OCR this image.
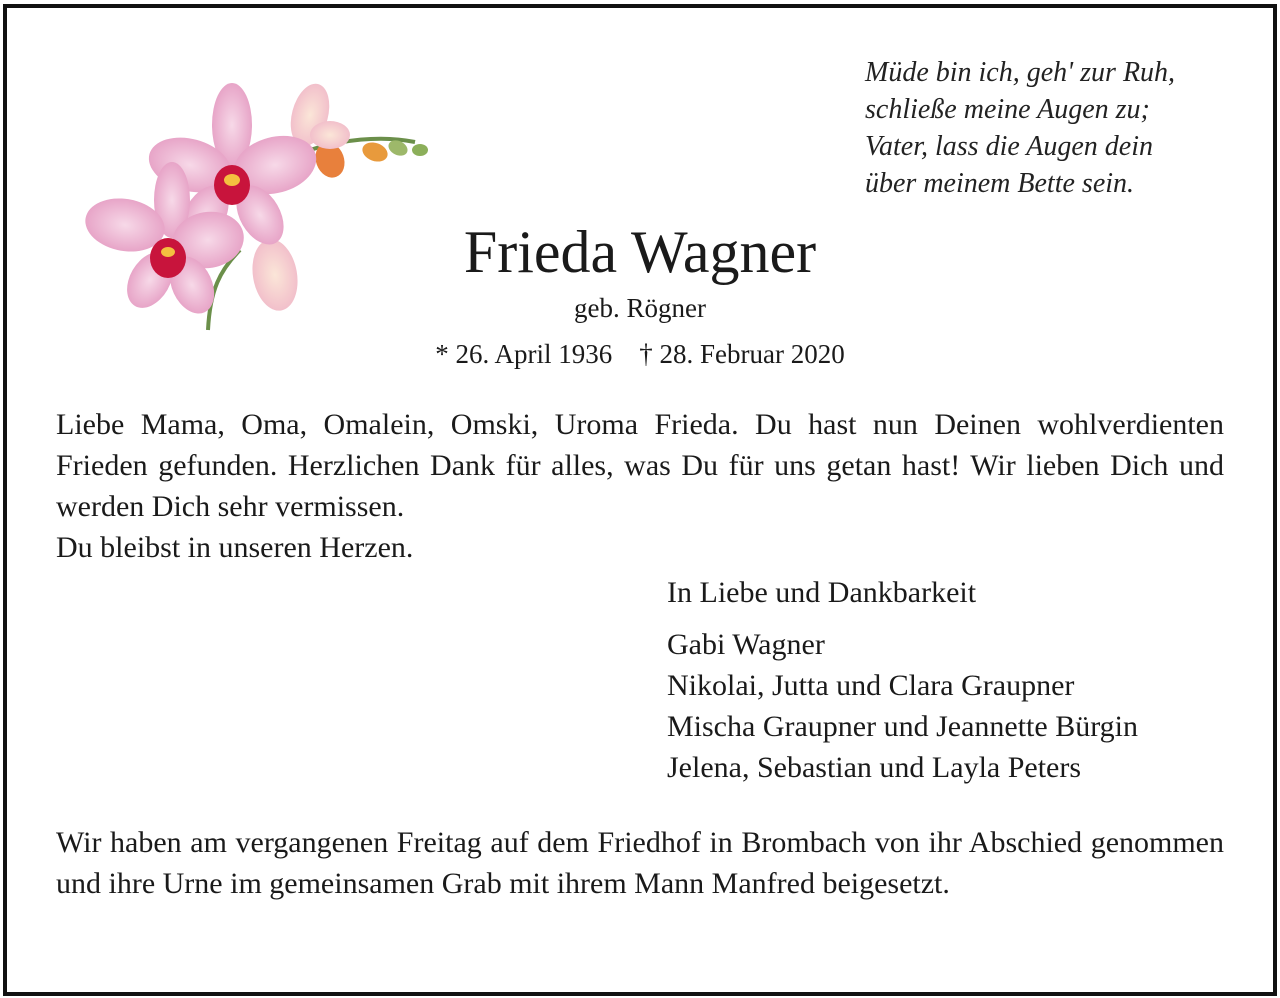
Müde bin ich, geh' zur Ruh,
schließe meine Augen zu;
Vater, lass die Augen dein
über meinem Bette sein.
Frieda Wagner
geb. Rögner
* 26. April 1936 † 28. Februar 2020

Liebe Mama, Oma, Omalein, Omski, Uroma Frieda. Du hast nun Deinen wohlverdienten Frieden gefunden. Herzlichen Dank für alles, was Du für uns getan hast! Wir lieben Dich und werden Dich sehr vermissen.

Du bleibst in unseren Herzen.

In Liebe und Dankbarkeit
Gabi Wagner
Nikolai, Jutta und Clara Graupner
Mischa Graupner und Jeannette Bürgin
Jelena, Sebastian und Layla Peters
Wir haben am vergangenen Freitag auf dem Friedhof in Brombach von ihr Abschied genommen und ihre Urne im gemeinsamen Grab mit ihrem Mann Manfred beigesetzt.
